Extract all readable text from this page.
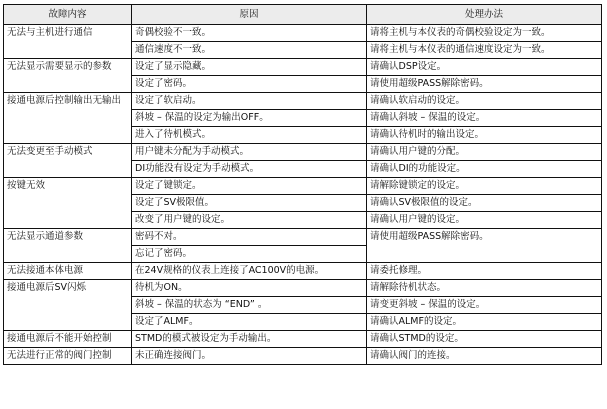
故障内容	原因	处理办法
无法与主机进行通信	奇偶校验不一致。	请将主机与本仪表的奇偶校验设定为一致。
	通信速度不一致。	请将主机与本仪表的通信速度设定为一致。
无法显示需要显示的参数	设定了显示隐藏。	请确认DSP设定。
	设定了密码。	请使用超级PASS解除密码。
接通电源后控制输出无输出	设定了软启动。	请确认软启动的设定。
	斜坡 – 保温的设定为输出OFF。	请确认斜坡 – 保温的设定。
	进入了待机模式。	请确认待机时的输出设定。
无法变更至手动模式	用户键未分配为手动模式。	请确认用户键的分配。
	DI功能没有设定为手动模式。	请确认DI的功能设定。
按键无效	设定了键锁定。	请解除键锁定的设定。
	设定了SV极限值。	请确认SV极限值的设定。
	改变了用户键的设定。	请确认用户键的设定。
无法显示通道参数	密码不对。	请使用超级PASS解除密码。
	忘记了密码。	
无法接通本体电源	在24V规格的仪表上连接了AC100V的电源。	请委托修理。
接通电源后SV闪烁	待机为ON。	请解除待机状态。
	斜坡 – 保温的状态为 “END” 。	请变更斜坡 – 保温的设定。
	设定了ALMF。	请确认ALMF的设定。
接通电源后不能开始控制	STMD的模式被设定为手动输出。	请确认STMD的设定。
无法进行正常的阀门控制	未正确连接阀门。	请确认阀门的连接。
